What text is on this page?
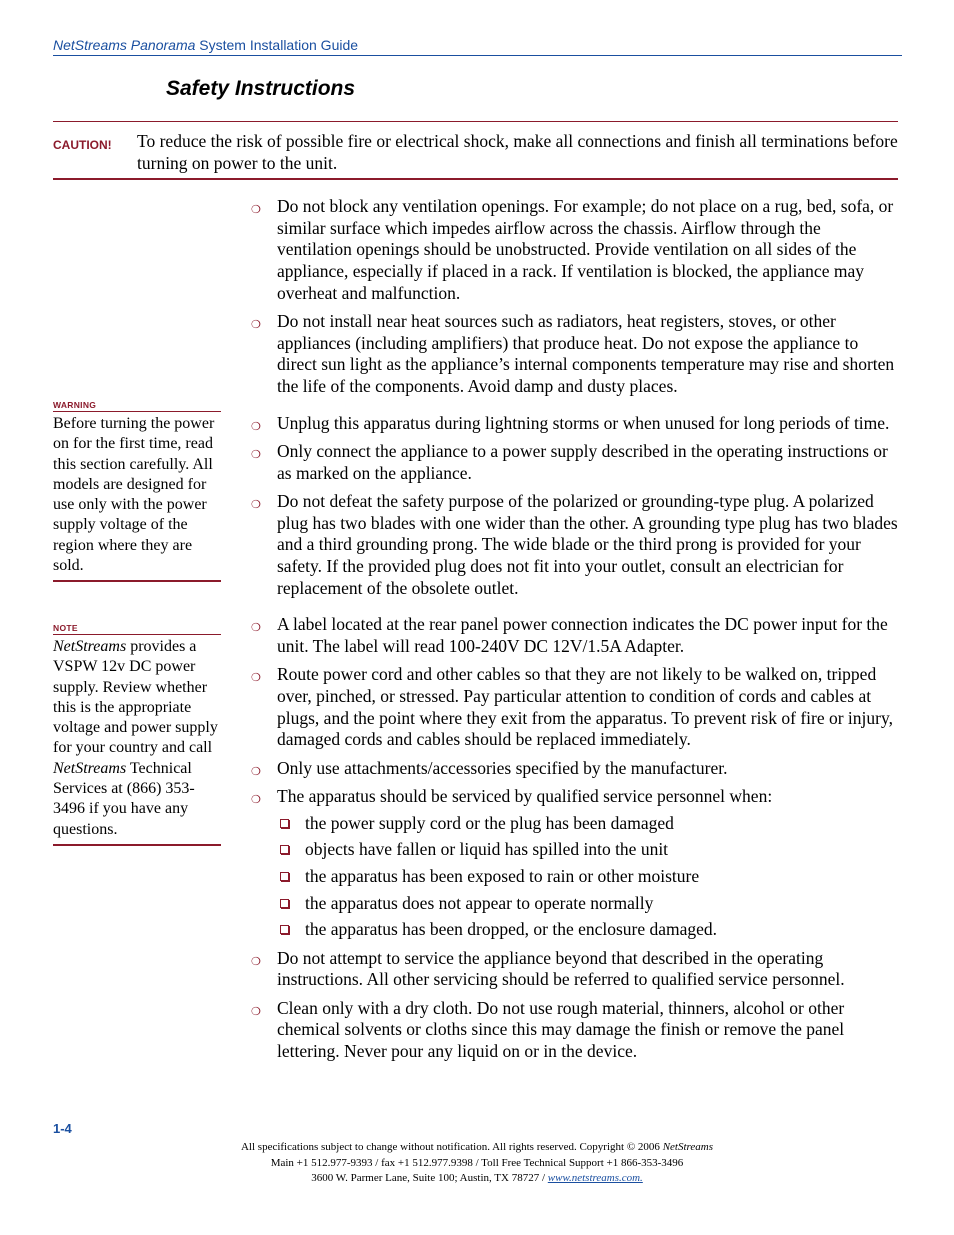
NetStreams Panorama System Installation Guide
Safety Instructions
CAUTION! To reduce the risk of possible fire or electrical shock, make all connections and finish all terminations before turning on power to the unit.
WARNING
Before turning the power on for the first time, read this section carefully. All models are designed for use only with the power supply voltage of the region where they are sold.
NOTE
NetStreams provides a VSPW 12v DC power supply. Review whether this is the appropriate voltage and power supply for your country and call NetStreams Technical Services at (866) 353-3496 if you have any questions.
❍ Do not block any ventilation openings. For example; do not place on a rug, bed, sofa, or similar surface which impedes airflow across the chassis. Airflow through the ventilation openings should be unobstructed. Provide ventilation on all sides of the appliance, especially if placed in a rack. If ventilation is blocked, the appliance may overheat and malfunction.
❍ Do not install near heat sources such as radiators, heat registers, stoves, or other appliances (including amplifiers) that produce heat. Do not expose the appliance to direct sun light as the appliance’s internal components temperature may rise and shorten the life of the components. Avoid damp and dusty places.
❍ Unplug this apparatus during lightning storms or when unused for long periods of time.
❍ Only connect the appliance to a power supply described in the operating instructions or as marked on the appliance.
❍ Do not defeat the safety purpose of the polarized or grounding-type plug. A polarized plug has two blades with one wider than the other. A grounding type plug has two blades and a third grounding prong. The wide blade or the third prong is provided for your safety. If the provided plug does not fit into your outlet, consult an electrician for replacement of the obsolete outlet.
❍ A label located at the rear panel power connection indicates the DC power input for the unit. The label will read 100-240V DC 12V/1.5A Adapter.
❍ Route power cord and other cables so that they are not likely to be walked on, tripped over, pinched, or stressed. Pay particular attention to condition of cords and cables at plugs, and the point where they exit from the apparatus. To prevent risk of fire or injury, damaged cords and cables should be replaced immediately.
❍ Only use attachments/accessories specified by the manufacturer.
❍ The apparatus should be serviced by qualified service personnel when:
the power supply cord or the plug has been damaged
objects have fallen or liquid has spilled into the unit
the apparatus has been exposed to rain or other moisture
the apparatus does not appear to operate normally
the apparatus has been dropped, or the enclosure damaged.
❍ Do not attempt to service the appliance beyond that described in the operating instructions. All other servicing should be referred to qualified service personnel.
❍ Clean only with a dry cloth. Do not use rough material, thinners, alcohol or other chemical solvents or cloths since this may damage the finish or remove the panel lettering. Never pour any liquid on or in the device.
1-4
All specifications subject to change without notification. All rights reserved. Copyright © 2006 NetStreams
Main +1 512.977-9393 / fax +1 512.977.9398 / Toll Free Technical Support +1 866-353-3496
3600 W. Parmer Lane, Suite 100; Austin, TX 78727 / www.netstreams.com.
